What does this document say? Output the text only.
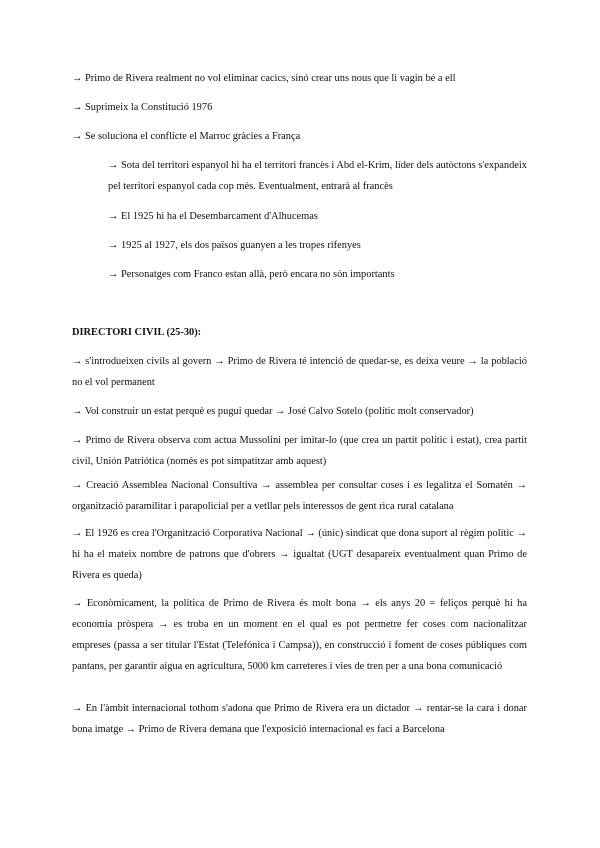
→ Primo de Rivera realment no vol eliminar cacics, sinó crear uns nous que li vagin bé a ell

→ Suprimeix la Constitució 1976

→ Se soluciona el conflicte el Marroc gràcies a França

→ Sota del territori espanyol hi ha el territori francès i Abd el-Krim, líder dels autòctons s'expandeix pel territori espanyol cada cop més. Eventualment, entrarà al francès

→ El 1925 hi ha el Desembarcament d'Alhucemas

→ 1925 al 1927, els dos països guanyen a les tropes rifenyes

→ Personatges com Franco estan allà, però encara no són importants

DIRECTORI CIVIL (25-30):

→ s'introdueixen civils al govern → Primo de Rivera té intenció de quedar-se, es deixa veure → la població no el vol permanent

→ Vol construir un estat perquè es pugui quedar → José Calvo Sotelo (polític molt conservador)

→ Primo de Rivera observa com actua Mussolini per imitar-lo (que crea un partit polític i estat), crea partit civil, Unión Patriótica (només es pot simpatitzar amb aquest)

→ Creació Assemblea Nacional Consultiva → assemblea per consultar coses i es legalitza el Somatén → organització paramilitar i parapolicial per a vetllar pels interessos de gent rica rural catalana

→ El 1926 es crea l'Organització Corporativa Nacional → (únic) sindicat que dona suport al règim polític → hi ha el mateix nombre de patrons que d'obrers → igualtat (UGT desapareix eventualment quan Primo de Rivera es queda)

→ Econòmicament, la política de Primo de Rivera és molt bona → els anys 20 = feliços perquè hi ha economia pròspera → es troba en un moment en el qual es pot permetre fer coses com nacionalitzar empreses (passa a ser titular l'Estat (Telefónica i Campsa)), en construcció i foment de coses públiques com pantans, per garantir aigua en agricultura, 5000 km carreteres i vies de tren per a una bona comunicació

→ En l'àmbit internacional tothom s'adona que Primo de Rivera era un dictador → rentar-se la cara i donar bona imatge → Primo de Rivera demana que l'exposició internacional es faci a Barcelona
